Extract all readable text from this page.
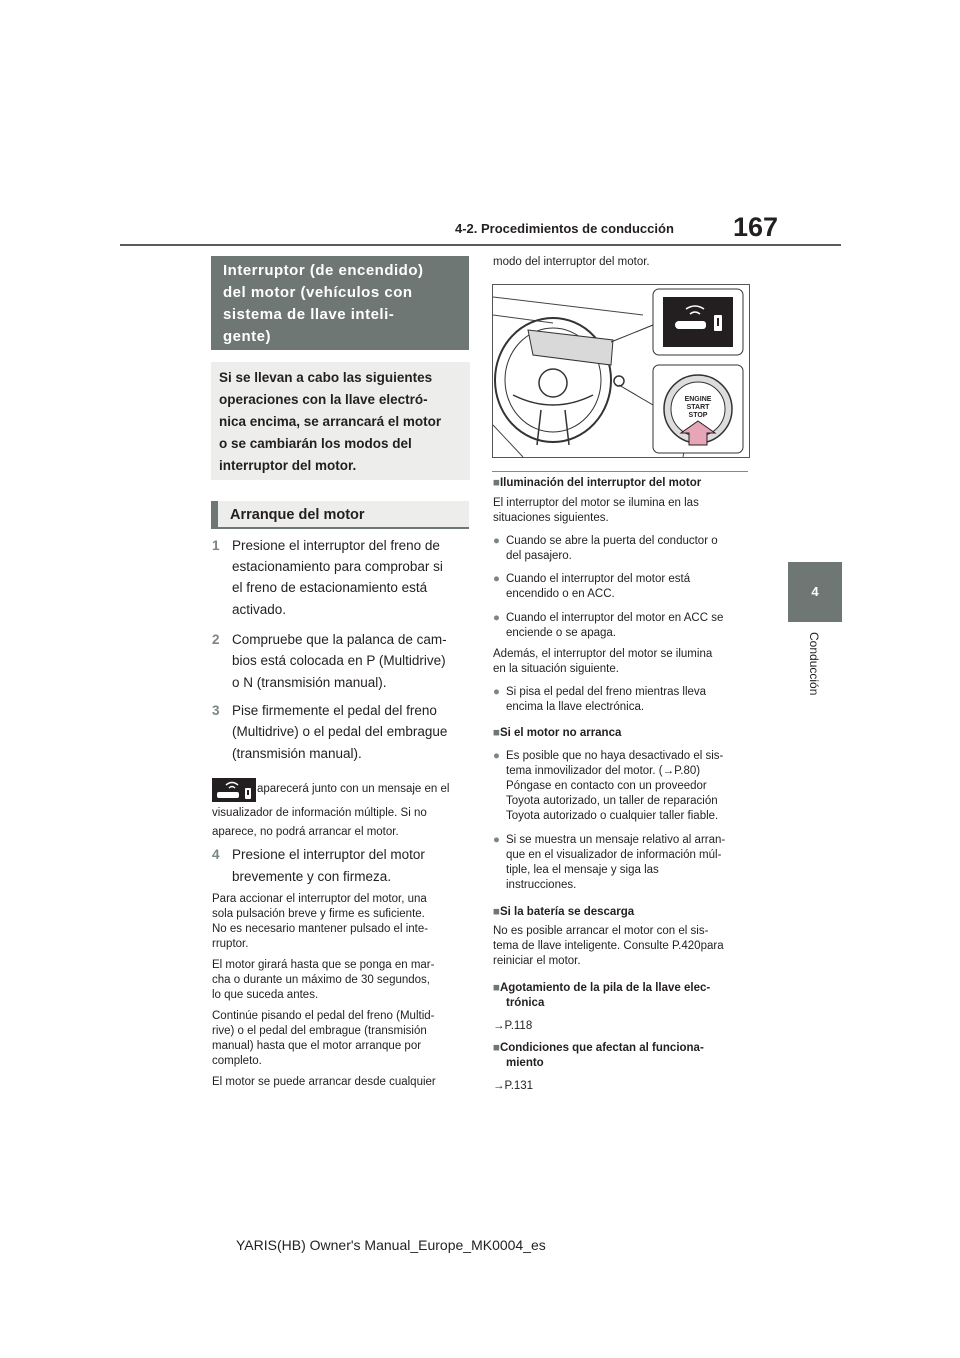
4-2. Procedimientos de conducción 167
4
Conducción
Interruptor (de encendido)
del motor (vehículos con
sistema de llave inteli-
gente)
Si se llevan a cabo las siguientes
operaciones con la llave electró-
nica encima, se arrancará el motor
o se cambiarán los modos del
interruptor del motor.
Arranque del motor
1 Presione el interruptor del freno de
estacionamiento para comprobar si
el freno de estacionamiento está
activado.
2 Compruebe que la palanca de cam-
bios está colocada en P (Multidrive)
o N (transmisión manual).
3 Pise firmemente el pedal del freno
(Multidrive) o el pedal del embrague
(transmisión manual).
aparecerá junto con un mensaje en el
visualizador de información múltiple. Si no
aparece, no podrá arrancar el motor.
4 Presione el interruptor del motor
brevemente y con firmeza.
Para accionar el interruptor del motor, una
sola pulsación breve y firme es suficiente.
No es necesario mantener pulsado el inte-
rruptor.
El motor girará hasta que se ponga en mar-
cha o durante un máximo de 30 segundos,
lo que suceda antes.
Continúe pisando el pedal del freno (Multid-
rive) o el pedal del embrague (transmisión
manual) hasta que el motor arranque por
completo.
El motor se puede arrancar desde cualquier
modo del interruptor del motor.
ENGINE
START
STOP
■Iluminación del interruptor del motor
El interruptor del motor se ilumina en las
situaciones siguientes.
● Cuando se abre la puerta del conductor o
del pasajero.
● Cuando el interruptor del motor está
encendido o en ACC.
● Cuando el interruptor del motor en ACC se
enciende o se apaga.
Además, el interruptor del motor se ilumina
en la situación siguiente.
● Si pisa el pedal del freno mientras lleva
encima la llave electrónica.
■Si el motor no arranca
● Es posible que no haya desactivado el sis-
tema inmovilizador del motor. (→P.80)
Póngase en contacto con un proveedor
Toyota autorizado, un taller de reparación
Toyota autorizado o cualquier taller fiable.
● Si se muestra un mensaje relativo al arran-
que en el visualizador de información múl-
tiple, lea el mensaje y siga las
instrucciones.
■Si la batería se descarga
No es posible arrancar el motor con el sis-
tema de llave inteligente. Consulte P.420para
reiniciar el motor.
■Agotamiento de la pila de la llave elec-
trónica
→P.118
■Condiciones que afectan al funciona-
miento
→P.131
YARIS(HB) Owner's Manual_Europe_MK0004_es
